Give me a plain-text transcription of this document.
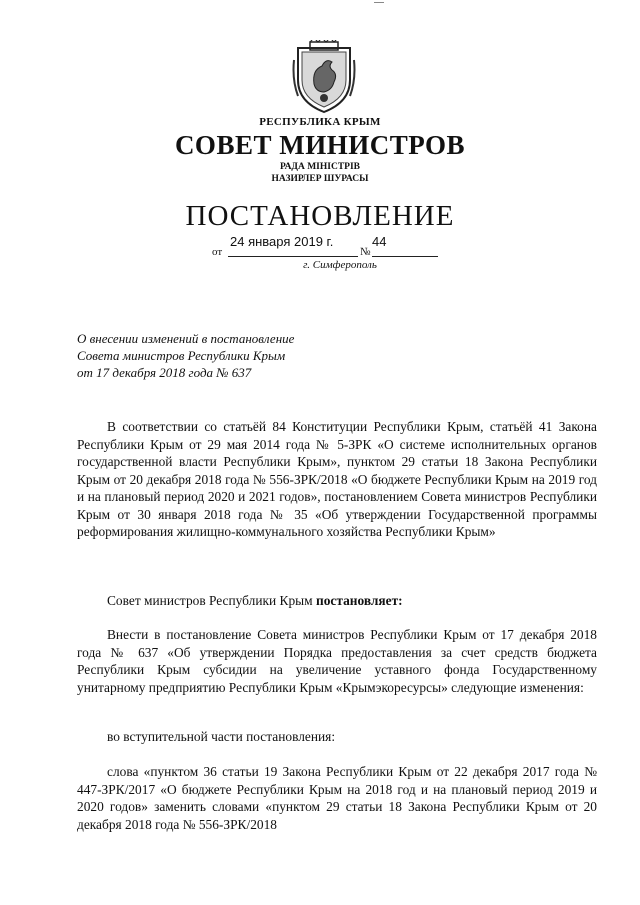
РЕСПУБЛИКА КРЫМ
СОВЕТ МИНИСТРОВ
РАДА МІНІСТРІВ
НАЗИРЛЕР ШУРАСЫ
ПОСТАНОВЛЕНИЕ
от	№
24 января 2019 г.	44
г. Симферополь
О внесении изменений в постановление
Совета министров Республики Крым
от 17 декабря 2018 года № 637
В соответствии со статьёй 84 Конституции Республики Крым, статьёй 41 Закона Республики Крым от 29 мая 2014 года № 5-ЗРК «О системе исполнительных органов государственной власти Республики Крым», пунктом 29 статьи 18 Закона Республики Крым от 20 декабря 2018 года № 556-ЗРК/2018 «О бюджете Республики Крым на 2019 год и на плановый период 2020 и 2021 годов», постановлением Совета министров Республики Крым от 30 января 2018 года № 35 «Об утверждении Государственной программы реформирования жилищно-коммунального хозяйства Республики Крым»
Совет министров Республики Крым постановляет:
Внести в постановление Совета министров Республики Крым от 17 декабря 2018 года № 637 «Об утверждении Порядка предоставления за счет средств бюджета Республики Крым субсидии на увеличение уставного фонда Государственному унитарному предприятию Республики Крым «Крымэкоресурсы» следующие изменения:
во вступительной части постановления:
слова «пунктом 36 статьи 19 Закона Республики Крым от 22 декабря 2017 года № 447-ЗРК/2017 «О бюджете Республики Крым на 2018 год и на плановый период 2019 и 2020 годов» заменить словами «пунктом 29 статьи 18 Закона Республики Крым от 20 декабря 2018 года № 556-ЗРК/2018
